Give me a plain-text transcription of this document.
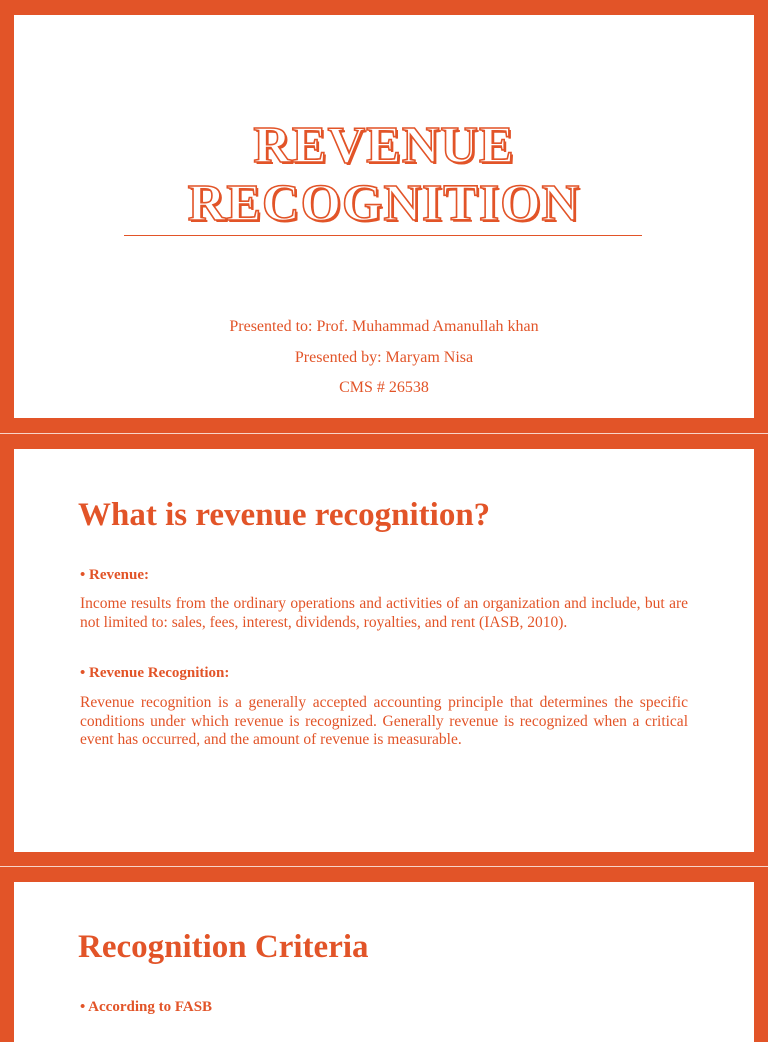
REVENUE
RECOGNITION
Presented to: Prof. Muhammad Amanullah khan
Presented by: Maryam Nisa
CMS # 26538
What is revenue recognition?
• Revenue:

Income results from the ordinary operations and activities of an organization and include, but are not limited to: sales, fees, interest, dividends, royalties, and rent (IASB, 2010).

• Revenue Recognition:

Revenue recognition is a generally accepted accounting principle that determines the specific conditions under which revenue is recognized. Generally revenue is recognized when a critical event has occurred, and the amount of revenue is measurable.

Recognition Criteria
• According to FASB
